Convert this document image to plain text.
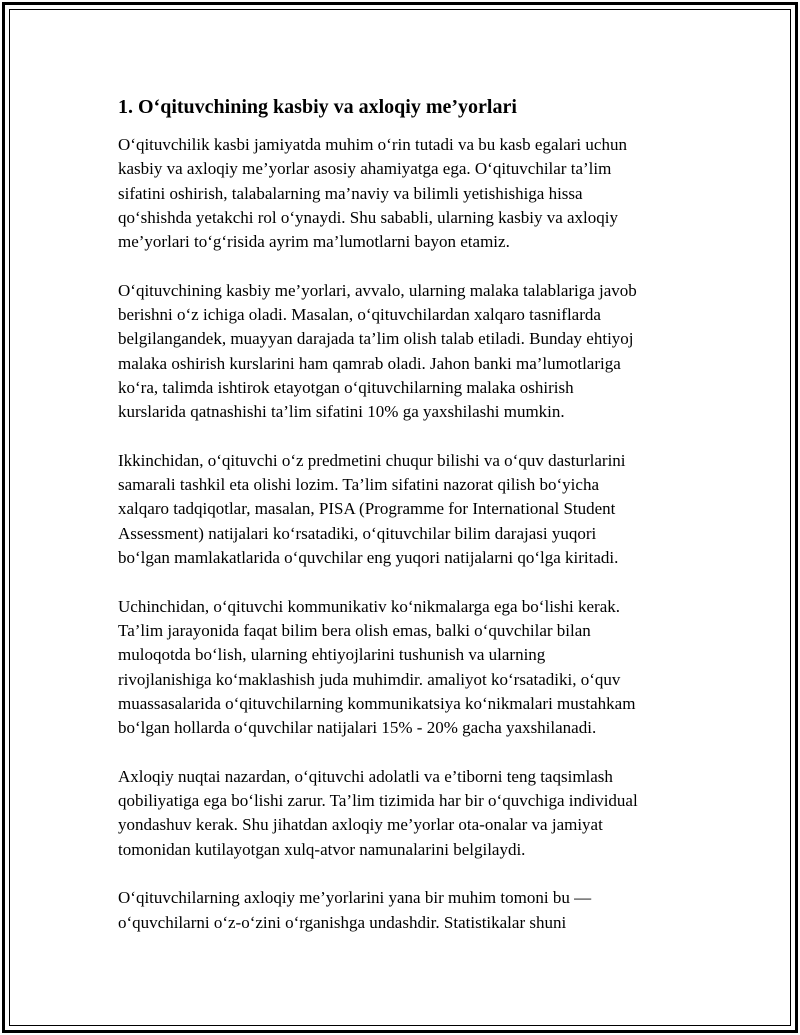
1. O‘qituvchining kasbiy va axloqiy me’yorlari
O‘qituvchilik kasbi jamiyatda muhim o‘rin tutadi va bu kasb egalari uchun
kasbiy va axloqiy me’yorlar asosiy ahamiyatga ega. O‘qituvchilar ta’lim
sifatini oshirish, talabalarning ma’naviy va bilimli yetishishiga hissa
qo‘shishda yetakchi rol o‘ynaydi. Shu sababli, ularning kasbiy va axloqiy
me’yorlari to‘g‘risida ayrim ma’lumotlarni bayon etamiz.
O‘qituvchining kasbiy me’yorlari, avvalo, ularning malaka talablariga javob
berishni o‘z ichiga oladi. Masalan, o‘qituvchilardan xalqaro tasniflarda
belgilangandek, muayyan darajada ta’lim olish talab etiladi. Bunday ehtiyoj
malaka oshirish kurslarini ham qamrab oladi. Jahon banki ma’lumotlariga
ko‘ra, talimda ishtirok etayotgan o‘qituvchilarning malaka oshirish
kurslarida qatnashishi ta’lim sifatini 10% ga yaxshilashi mumkin.
Ikkinchidan, o‘qituvchi o‘z predmetini chuqur bilishi va o‘quv dasturlarini
samarali tashkil eta olishi lozim. Ta’lim sifatini nazorat qilish bo‘yicha
xalqaro tadqiqotlar, masalan, PISA (Programme for International Student
Assessment) natijalari ko‘rsatadiki, o‘qituvchilar bilim darajasi yuqori
bo‘lgan mamlakatlarida o‘quvchilar eng yuqori natijalarni qo‘lga kiritadi.
Uchinchidan, o‘qituvchi kommunikativ ko‘nikmalarga ega bo‘lishi kerak.
Ta’lim jarayonida faqat bilim bera olish emas, balki o‘quvchilar bilan
muloqotda bo‘lish, ularning ehtiyojlarini tushunish va ularning
rivojlanishiga ko‘maklashish juda muhimdir. amaliyot ko‘rsatadiki, o‘quv
muassasalarida o‘qituvchilarning kommunikatsiya ko‘nikmalari mustahkam
bo‘lgan hollarda o‘quvchilar natijalari 15% - 20% gacha yaxshilanadi.
Axloqiy nuqtai nazardan, o‘qituvchi adolatli va e’tiborni teng taqsimlash
qobiliyatiga ega bo‘lishi zarur. Ta’lim tizimida har bir o‘quvchiga individual
yondashuv kerak. Shu jihatdan axloqiy me’yorlar ota-onalar va jamiyat
tomonidan kutilayotgan xulq-atvor namunalarini belgilaydi.
O‘qituvchilarning axloqiy me’yorlarini yana bir muhim tomoni bu —
o‘quvchilarni o‘z-o‘zini o‘rganishga undashdir. Statistikalar shuni
